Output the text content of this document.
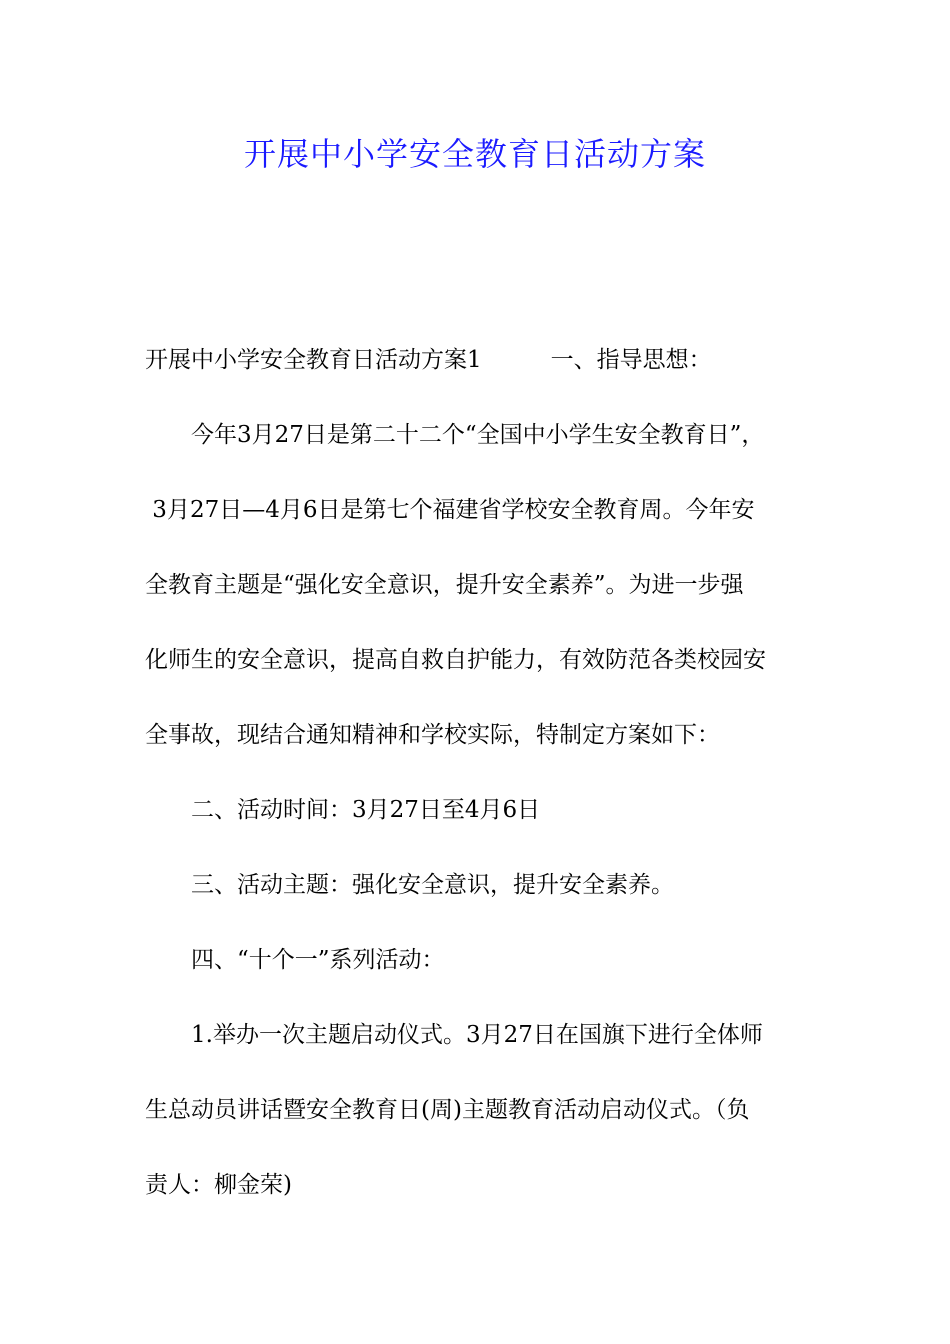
开展中小学安全教育日活动方案
开展中小学安全教育日活动方案1　　　一、指导思想：
今年3月27日是第二十二个“全国中小学生安全教育日”，
3月27日—4月6日是第七个福建省学校安全教育周。今年安
全教育主题是“强化安全意识，提升安全素养”。为进一步强
化师生的安全意识，提高自救自护能力，有效防范各类校园安
全事故，现结合通知精神和学校实际，特制定方案如下：
二、活动时间：3月27日至4月6日
三、活动主题：强化安全意识，提升安全素养。
四、“十个一”系列活动：
1.举办一次主题启动仪式。3月27日在国旗下进行全体师
生总动员讲话暨安全教育日(周)主题教育活动启动仪式。（负
责人：柳金荣)
